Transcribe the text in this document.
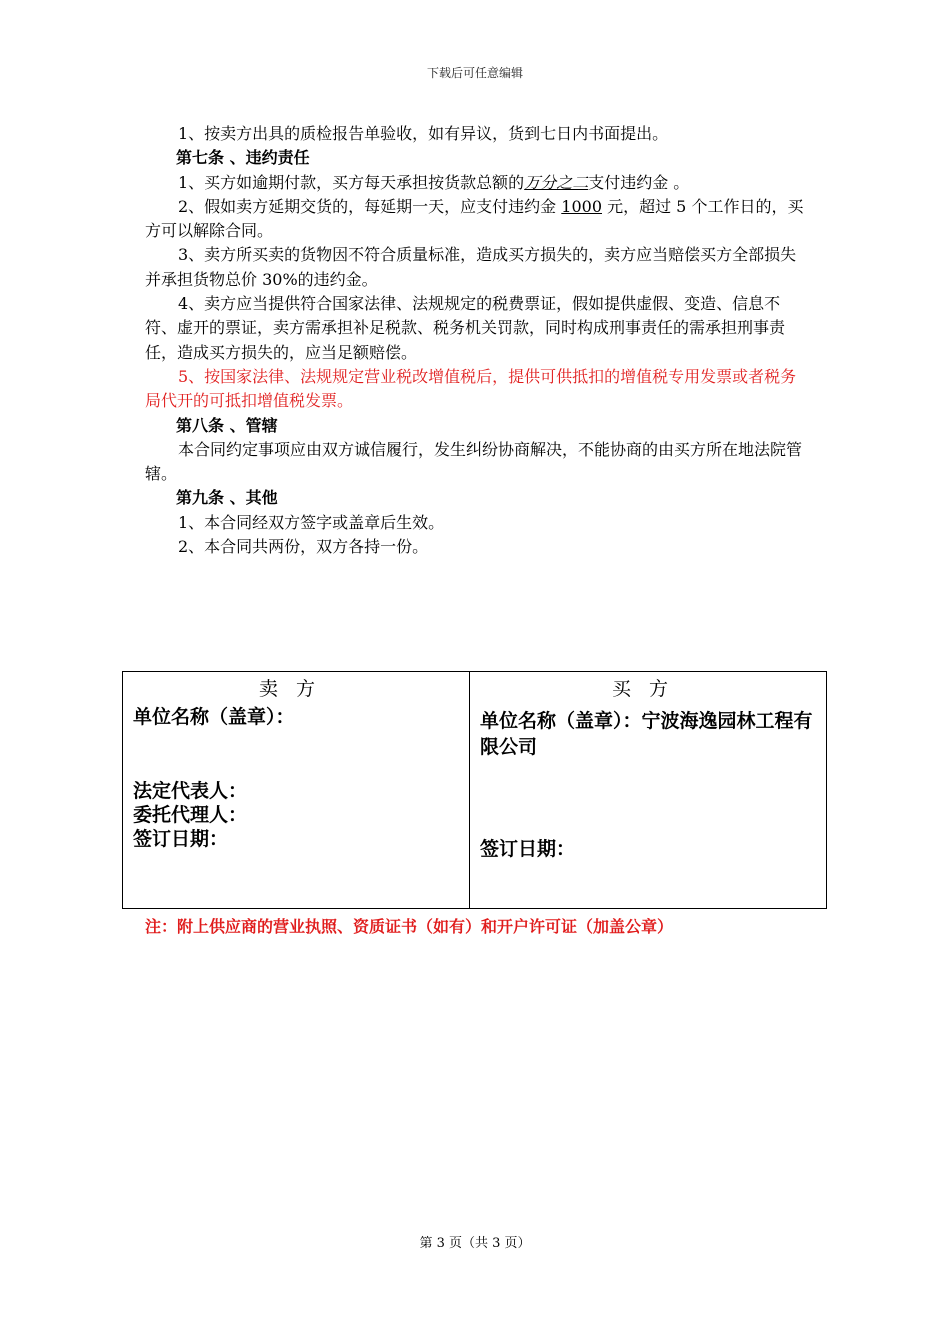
下载后可任意编辑

1、按卖方出具的质检报告单验收，如有异议，货到七日内书面提出。

第七条 、违约责任

1、买方如逾期付款，买方每天承担按货款总额的万分之二支付违约金 。

2、假如卖方延期交货的，每延期一天，应支付违约金 1000 元，超过 5 个工作日的，买方可以解除合同。

3、卖方所买卖的货物因不符合质量标准，造成买方损失的，卖方应当赔偿买方全部损失并承担货物总价 30%的违约金。

4、卖方应当提供符合国家法律、法规规定的税费票证，假如提供虚假、变造、信息不符、虚开的票证，卖方需承担补足税款、税务机关罚款，同时构成刑事责任的需承担刑事责任，造成买方损失的，应当足额赔偿。

5、按国家法律、法规规定营业税改增值税后，提供可供抵扣的增值税专用发票或者税务局代开的可抵扣增值税发票。

第八条 、管辖

本合同约定事项应由双方诚信履行，发生纠纷协商解决，不能协商的由买方所在地法院管辖。

第九条 、其他

1、本合同经双方签字或盖章后生效。

2、本合同共两份，双方各持一份。

卖方
单位名称（盖章）：
法定代表人：
委托代理人：
签订日期：
买方
单位名称（盖章）：宁波海逸园林工程有限公司
签订日期：
注：附上供应商的营业执照、资质证书（如有）和开户许可证（加盖公章）
第 3 页（共 3 页）
